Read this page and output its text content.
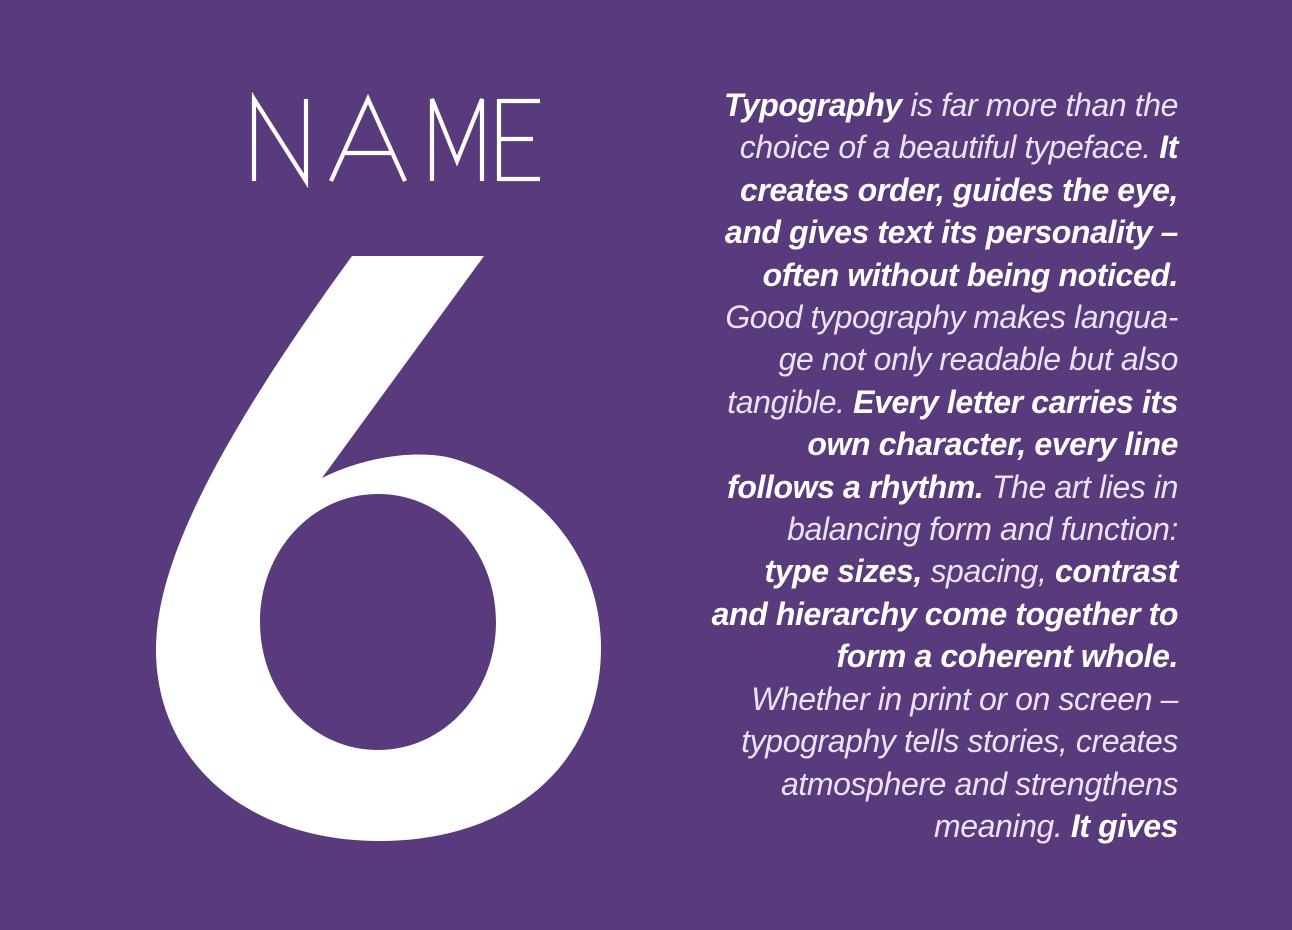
Typography is far more than the
choice of a beautiful typeface. It
creates order, guides the eye,
and gives text its personality –
often without being noticed.
Good typography makes langua-
ge not only readable but also
tangible. Every letter carries its
own character, every line
follows a rhythm. The art lies in
balancing form and function:
type sizes, spacing, contrast
and hierarchy come together to
form a coherent whole.
Whether in print or on screen –
typography tells stories, creates
atmosphere and strengthens
meaning. It gives
